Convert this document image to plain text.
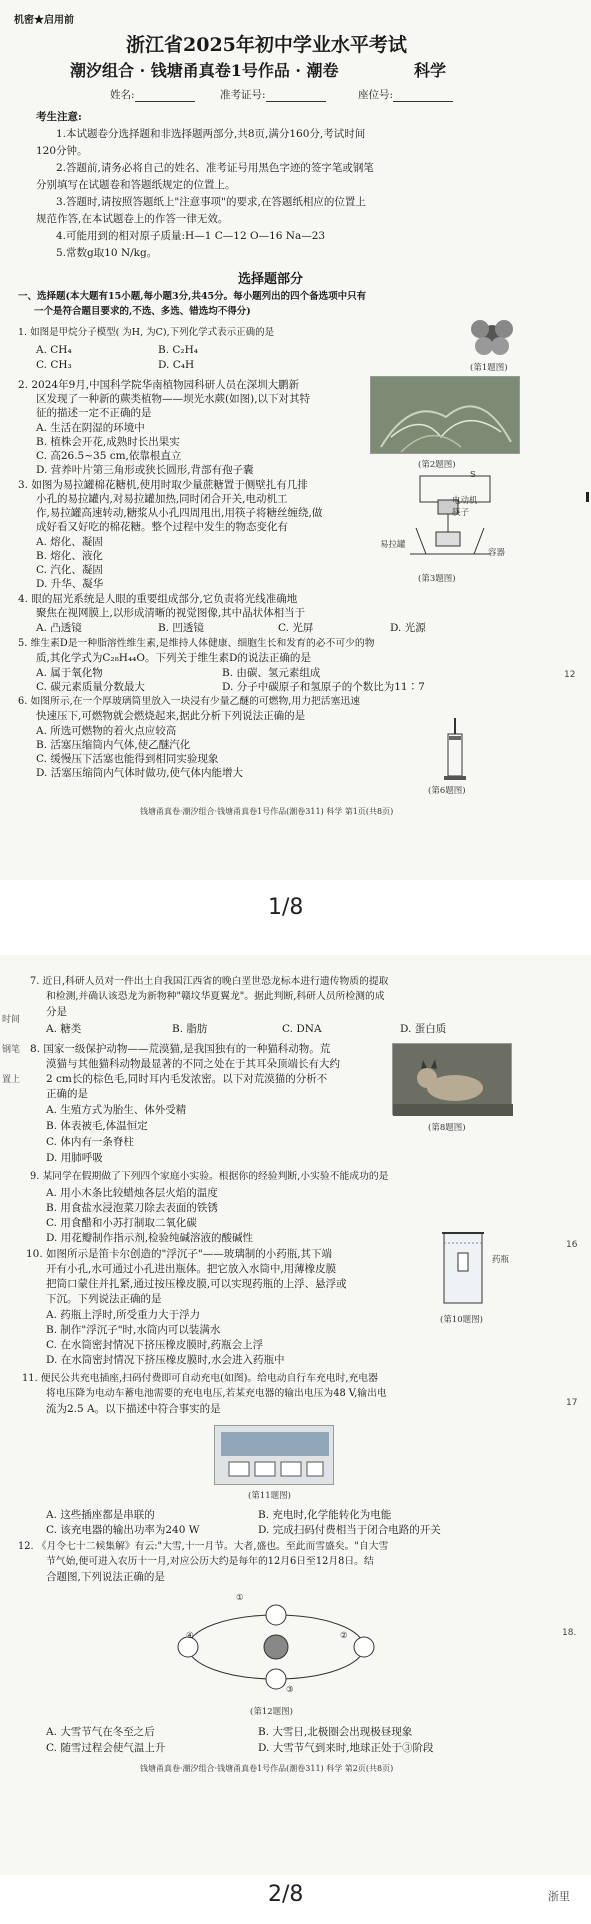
机密★启用前
浙江省2025年初中学业水平考试
潮汐组合 · 钱塘甬真卷1号作品 · 潮卷	科学
姓名:	准考证号:	座位号:
考生注意:
1.本试题卷分选择题和非选择题两部分,共8页,满分160分,考试时间
120分钟。
2.答题前,请务必将自己的姓名、准考证号用黑色字迹的签字笔或钢笔
分别填写在试题卷和答题纸规定的位置上。
3.答题时,请按照答题纸上"注意事项"的要求,在答题纸相应的位置上
规范作答,在本试题卷上的作答一律无效。
4.可能用到的相对原子质量:H—1 C—12 O—16 Na—23
5.常数g取10 N/kg。
选择题部分
一、选择题(本大题有15小题,每小题3分,共45分。每小题列出的四个备选项中只有
一个是符合题目要求的,不选、多选、错选均不得分)
1. 如图是甲烷分子模型( 为H, 为C),下列化学式表示正确的是
A. CH₄	B. C₂H₄
C. CH₃	D. C₄H	(第1题图)
2. 2024年9月,中国科学院华南植物园科研人员在深圳大鹏新
区发现了一种新的蕨类植物——坝光水蕨(如图),以下对其特
征的描述一定不正确的是
A. 生活在阴湿的环境中
B. 植株会开花,成熟时长出果实
C. 高26.5~35 cm,依靠根直立
D. 营养叶片第三角形或狭长圆形,背部有孢子囊	(第2题图)
3. 如图为易拉罐棉花糖机,使用时取少量蔗糖置于侧壁扎有几排
小孔的易拉罐内,对易拉罐加热,同时闭合开关,电动机工
作,易拉罐高速转动,糖浆从小孔四周甩出,用筷子将糖丝缠绕,做
成好看又好吃的棉花糖。整个过程中发生的物态变化有
A. 熔化、凝固
B. 熔化、液化
C. 汽化、凝固
D. 升华、凝华
电动机
筷子
易拉罐
容器
S
(第3题图)
4. 眼的屈光系统是人眼的重要组成部分,它负责将光线准确地
聚焦在视网膜上,以形成清晰的视觉图像,其中晶状体相当于
A. 凸透镜	B. 凹透镜	C. 光屏	D. 光源
5. 维生素D是一种脂溶性维生素,是维持人体健康、细胞生长和发育的必不可少的物
质,其化学式为C₂₈H₄₄O。下列关于维生素D的说法正确的是
A. 属于氧化物	B. 由碳、氢元素组成
C. 碳元素质量分数最大	D. 分子中碳原子和氢原子的个数比为11∶7
6. 如图所示,在一个厚玻璃筒里放入一块浸有少量乙醚的可燃物,用力把活塞迅速
快速压下,可燃物就会燃烧起来,据此分析下列说法正确的是
A. 所选可燃物的着火点应较高
B. 活塞压缩筒内气体,使乙醚汽化
C. 缓慢压下活塞也能得到相同实验现象
D. 活塞压缩筒内气体时做功,使气体内能增大
(第6题图)
钱塘甬真卷·潮汐组合·钱塘甬真卷1号作品(潮卷311) 科学 第1页(共8页)
1/8
12
7. 近日,科研人员对一件出土自我国江西省的晚白垩世恐龙标本进行遗传物质的提取
和检测,并确认该恐龙为新物种"赣坟华夏翼龙"。据此判断,科研人员所检测的成
分是
A. 糖类	B. 脂肪	C. DNA	D. 蛋白质
8. 国家一级保护动物——荒漠猫,是我国独有的一种猫科动物。荒
漠猫与其他猫科动物最显著的不同之处在于其耳朵顶端长有大约
2 cm长的棕色毛,同时耳内毛发浓密。以下对荒漠猫的分析不
正确的是
A. 生殖方式为胎生、体外受精
B. 体表被毛,体温恒定
C. 体内有一条脊柱
D. 用肺呼吸
(第8题图)
9. 某同学在假期做了下列四个家庭小实验。根据你的经验判断,小实验不能成功的是
A. 用小木条比较蜡烛各层火焰的温度
B. 用食盐水浸泡菜刀除去表面的铁锈
C. 用食醋和小苏打制取二氧化碳
D. 用花瓣制作指示剂,检验纯碱溶液的酸碱性
10. 如图所示是笛卡尔创造的"浮沉子"——玻璃制的小药瓶,其下端
开有小孔,水可通过小孔进出瓶体。把它放入水筒中,用薄橡皮膜
把筒口蒙住并扎紧,通过按压橡皮膜,可以实现药瓶的上浮、悬浮或
下沉。下列说法正确的是
A. 药瓶上浮时,所受重力大于浮力
B. 制作"浮沉子"时,水筒内可以装满水
C. 在水筒密封情况下挤压橡皮膜时,药瓶会上浮
D. 在水筒密封情况下挤压橡皮膜时,水会进入药瓶中
药瓶
(第10题图)
11. 便民公共充电插座,扫码付费即可自动充电(如图)。给电动自行车充电时,充电器
将电压降为电动车蓄电池需要的充电电压,若某充电器的输出电压为48 V,输出电
流为2.5 A。以下描述中符合事实的是
(第11题图)
A. 这些插座都是串联的	B. 充电时,化学能转化为电能
C. 该充电器的输出功率为240 W	D. 完成扫码付费相当于闭合电路的开关
12. 《月令七十二候集解》有云:"大雪,十一月节。大者,盛也。至此而雪盛矣。"自大雪
节气始,便可进入农历十一月,对应公历大约是每年的12月6日至12月8日。结
合题图,下列说法正确的是
①
②
③
④
(第12题图)
A. 大雪节气在冬至之后	B. 大雪日,北极圈会出现极昼现象
C. 随雪过程会使气温上升	D. 大雪节气到来时,地球正处于③阶段
钱塘甬真卷·潮汐组合·钱塘甬真卷1号作品(潮卷311) 科学 第2页(共8页)
时间
钢笔
置上
16
17
18.
2/8	浙里
